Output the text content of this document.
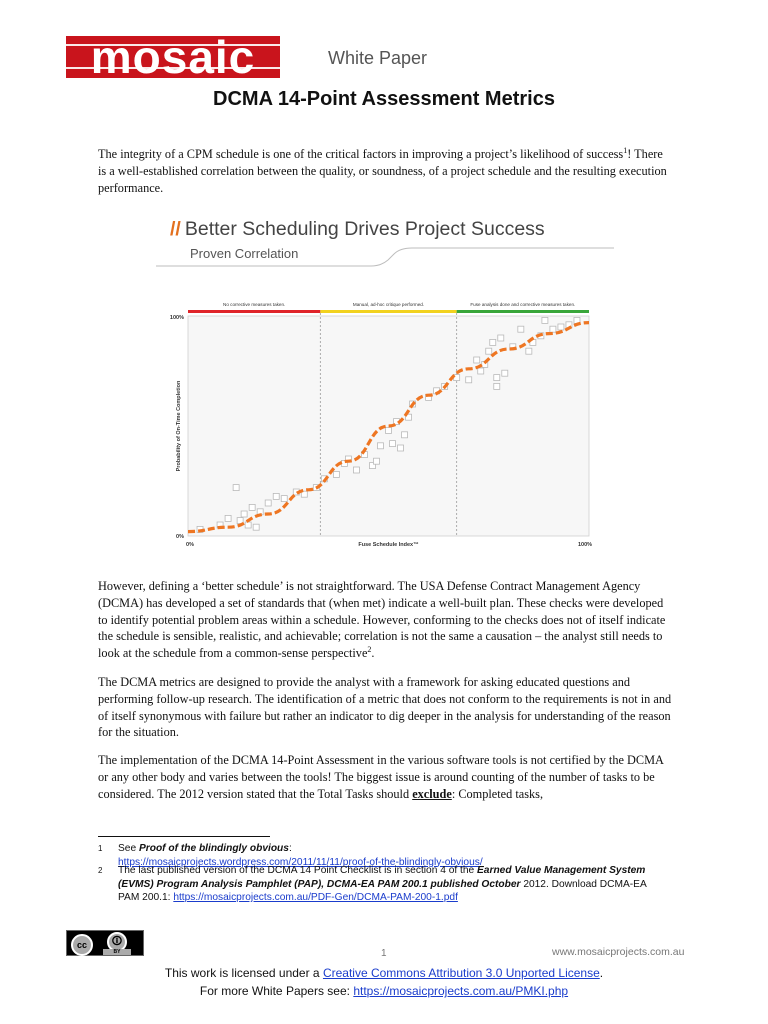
mosaic	White Paper
DCMA 14-Point Assessment Metrics

The integrity of a CPM schedule is one of the critical factors in improving a project’s likelihood of success$^1$! There is a well-established correlation between the quality, or soundness, of a project schedule and the resulting execution performance.

No corrective measures taken.	Manual, ad-hoc critique performed.	Fuse analysis done and corrective measures taken.
100%
0%
0%	100%
Fuse Schedule Index™
Probability of On-Time Completion
// Better Scheduling Drives Project Success
Proven Correlation

However, defining a ‘better schedule’ is not straightforward. The USA Defense Contract Management Agency (DCMA) has developed a set of standards that (when met) indicate a well-built plan. These checks were developed to identify potential problem areas within a schedule. However, conforming to the checks does not of itself indicate the schedule is sensible, realistic, and achievable; correlation is not the same a causation – the analyst still needs to look at the schedule from a common-sense perspective$^2$.

The DCMA metrics are designed to provide the analyst with a framework for asking educated questions and performing follow-up research. The identification of a metric that does not conform to the requirements is not in and of itself synonymous with failure but rather an indicator to dig deeper in the analysis for understanding of the reason for the situation.

The implementation of the DCMA 14-Point Assessment in the various software tools is not certified by the DCMA or any other body and varies between the tools! The biggest issue is around counting of the number of tasks to be considered. The 2012 version stated that the Total Tasks should exclude: Completed tasks,

1 See Proof of the blindingly obvious:
https://mosaicprojects.wordpress.com/2011/11/11/proof-of-the-blindingly-obvious/
2 The last published version of the DCMA 14 Point Checklist is in section 4 of the Earned Value Management System (EVMS) Program Analysis Pamphlet (PAP), DCMA-EA PAM 200.1 published October 2012. Download DCMA-EA PAM 200.1: https://mosaicprojects.com.au/PDF-Gen/DCMA-PAM-200-1.pdf
cc	🛈
BY	1	www.mosaicprojects.com.au
This work is licensed under a Creative Commons Attribution 3.0 Unported License.
For more White Papers see: https://mosaicprojects.com.au/PMKI.php
